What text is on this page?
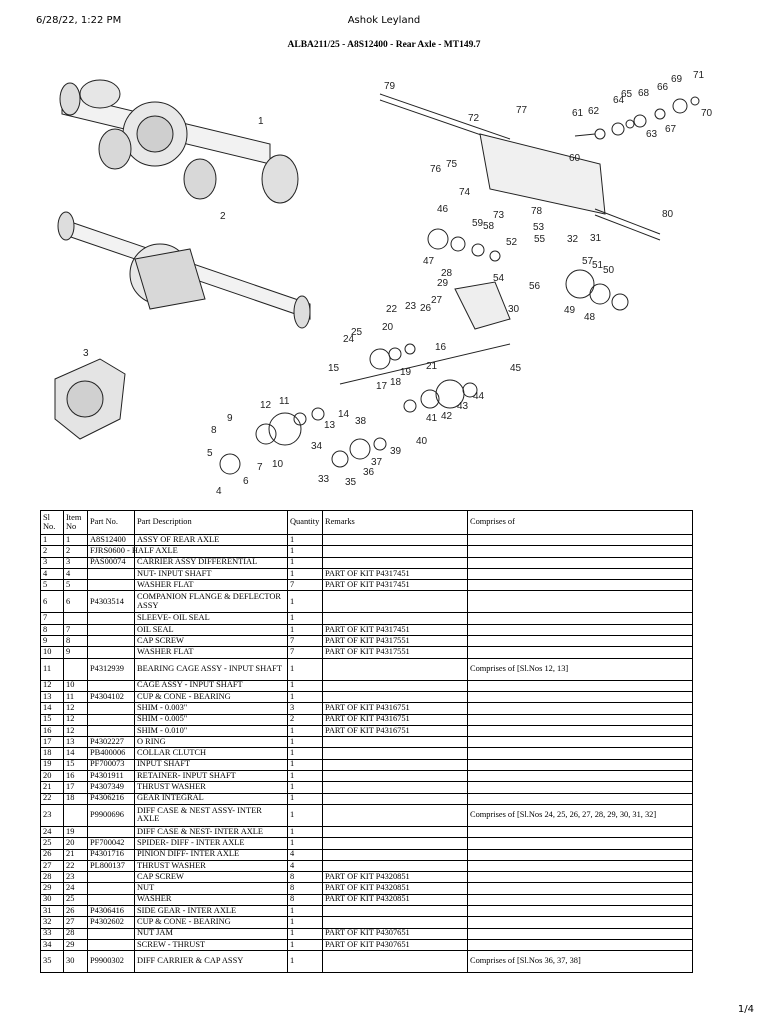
6/28/22, 1:22 PM	Ashok Leyland
ALBA211/25 - A8S12400 - Rear Axle - MT149.7
1
2
3
4
5
6
7
8
9
10
11
12
13
14
15
16
17 18
19
20
21
22 23
24
25
26
27
28
29
30
31
32
33
34
35
36
37
38
39
40
41 42
43
44
45
46
47
48
49
50
51
52
53
54
55
56
57
58
59
60
61 62
63
64
65
66
67
68
69
70
71
72
73
74
75
76
77
78
79
80
Sl No.	Item No	Part No.	Part Description	Quantity	Remarks	Comprises of
1	1	A8S12400	ASSY OF REAR AXLE	1		
2	2	FJRS0600 - HALF AXLE		1		
3	3	PAS00074	CARRIER ASSY DIFFERENTIAL	1		
4	4		NUT- INPUT SHAFT	1	PART OF KIT P4317451	
5	5		WASHER FLAT	7	PART OF KIT P4317451	
6	6	P4303514	COMPANION FLANGE & DEFLECTOR ASSY	1		
7			SLEEVE- OIL SEAL	1		
8	7		OIL SEAL	1	PART OF KIT P4317451	
9	8		CAP SCREW	7	PART OF KIT P4317551	
10	9		WASHER FLAT	7	PART OF KIT P4317551	
11		P4312939	BEARING CAGE ASSY - INPUT SHAFT	1		Comprises of [Sl.Nos 12, 13]
12	10		CAGE ASSY - INPUT SHAFT	1		
13	11	P4304102	CUP & CONE - BEARING	1		
14	12		SHIM - 0.003"	3	PART OF KIT P4316751	
15	12		SHIM - 0.005"	2	PART OF KIT P4316751	
16	12		SHIM - 0.010"	1	PART OF KIT P4316751	
17	13	P4302227	O RING	1		
18	14	PB400006	COLLAR CLUTCH	1		
19	15	PF700073	INPUT SHAFT	1		
20	16	P4301911	RETAINER- INPUT SHAFT	1		
21	17	P4307349	THRUST WASHER	1		
22	18	P4306216	GEAR INTEGRAL	1		
23		P9900696	DIFF CASE & NEST ASSY- INTER AXLE	1		Comprises of [Sl.Nos 24, 25, 26, 27, 28, 29, 30, 31, 32]
24	19		DIFF CASE & NEST- INTER AXLE	1		
25	20	PF700042	SPIDER- DIFF - INTER AXLE	1		
26	21	P4301716	PINION DIFF- INTER AXLE	4		
27	22	PL800137	THRUST WASHER	4		
28	23		CAP SCREW	8	PART OF KIT P4320851	
29	24		NUT	8	PART OF KIT P4320851	
30	25		WASHER	8	PART OF KIT P4320851	
31	26	P4306416	SIDE GEAR - INTER AXLE	1		
32	27	P4302602	CUP & CONE - BEARING	1		
33	28		NUT JAM	1	PART OF KIT P4307651	
34	29		SCREW - THRUST	1	PART OF KIT P4307651	
35	30	P9900302	DIFF CARRIER & CAP ASSY	1		Comprises of [Sl.Nos 36, 37, 38]
1/4
